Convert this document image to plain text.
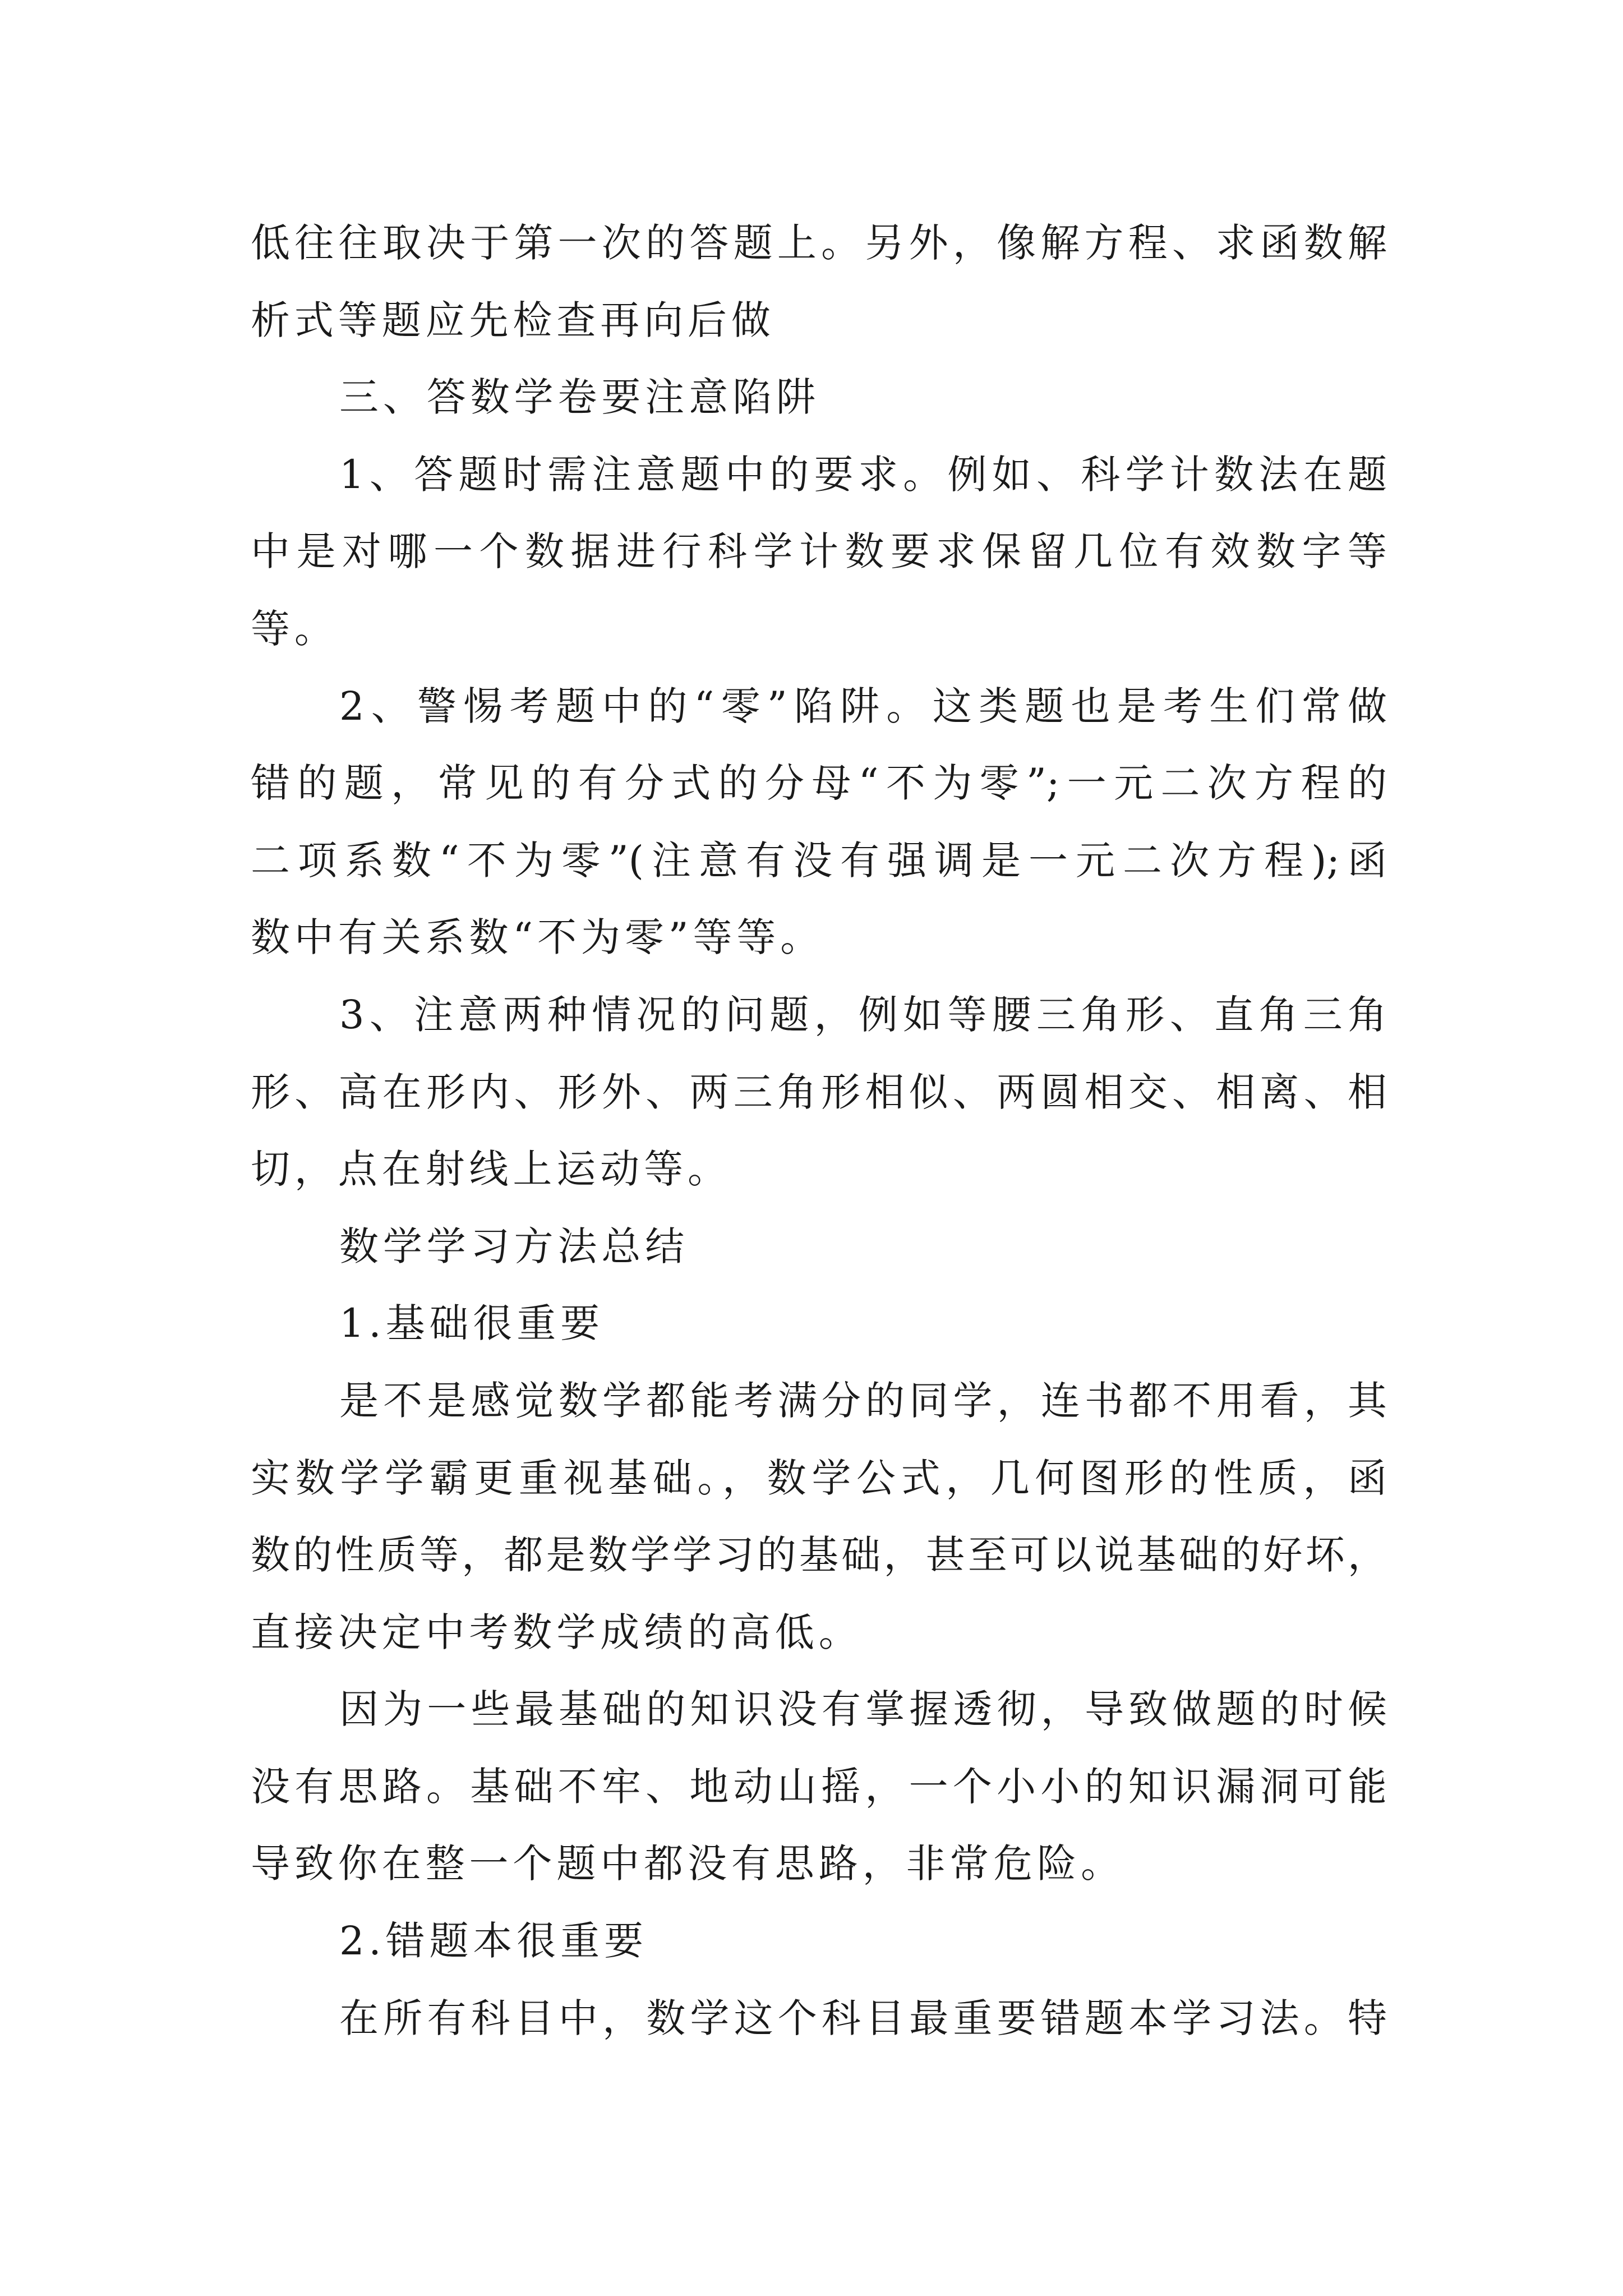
低往往取决于第一次的答题上。另外，像解方程、求函数解
析式等题应先检查再向后做
三、答数学卷要注意陷阱
1、答题时需注意题中的要求。例如、科学计数法在题
中是对哪一个数据进行科学计数要求保留几位有效数字等
等。
2、警惕考题中的“零”陷阱。这类题也是考生们常做
错的题，常见的有分式的分母“不为零”;一元二次方程的
二项系数“不为零”(注意有没有强调是一元二次方程);函
数中有关系数“不为零”等等。
3、注意两种情况的问题，例如等腰三角形、直角三角
形、高在形内、形外、两三角形相似、两圆相交、相离、相
切，点在射线上运动等。
数学学习方法总结
1.基础很重要
是不是感觉数学都能考满分的同学，连书都不用看，其
实数学学霸更重视基础。，数学公式，几何图形的性质，函
数的性质等，都是数学学习的基础，甚至可以说基础的好坏，
直接决定中考数学成绩的高低。
因为一些最基础的知识没有掌握透彻，导致做题的时候
没有思路。基础不牢、地动山摇，一个小小的知识漏洞可能
导致你在整一个题中都没有思路，非常危险。
2.错题本很重要
在所有科目中，数学这个科目最重要错题本学习法。特
